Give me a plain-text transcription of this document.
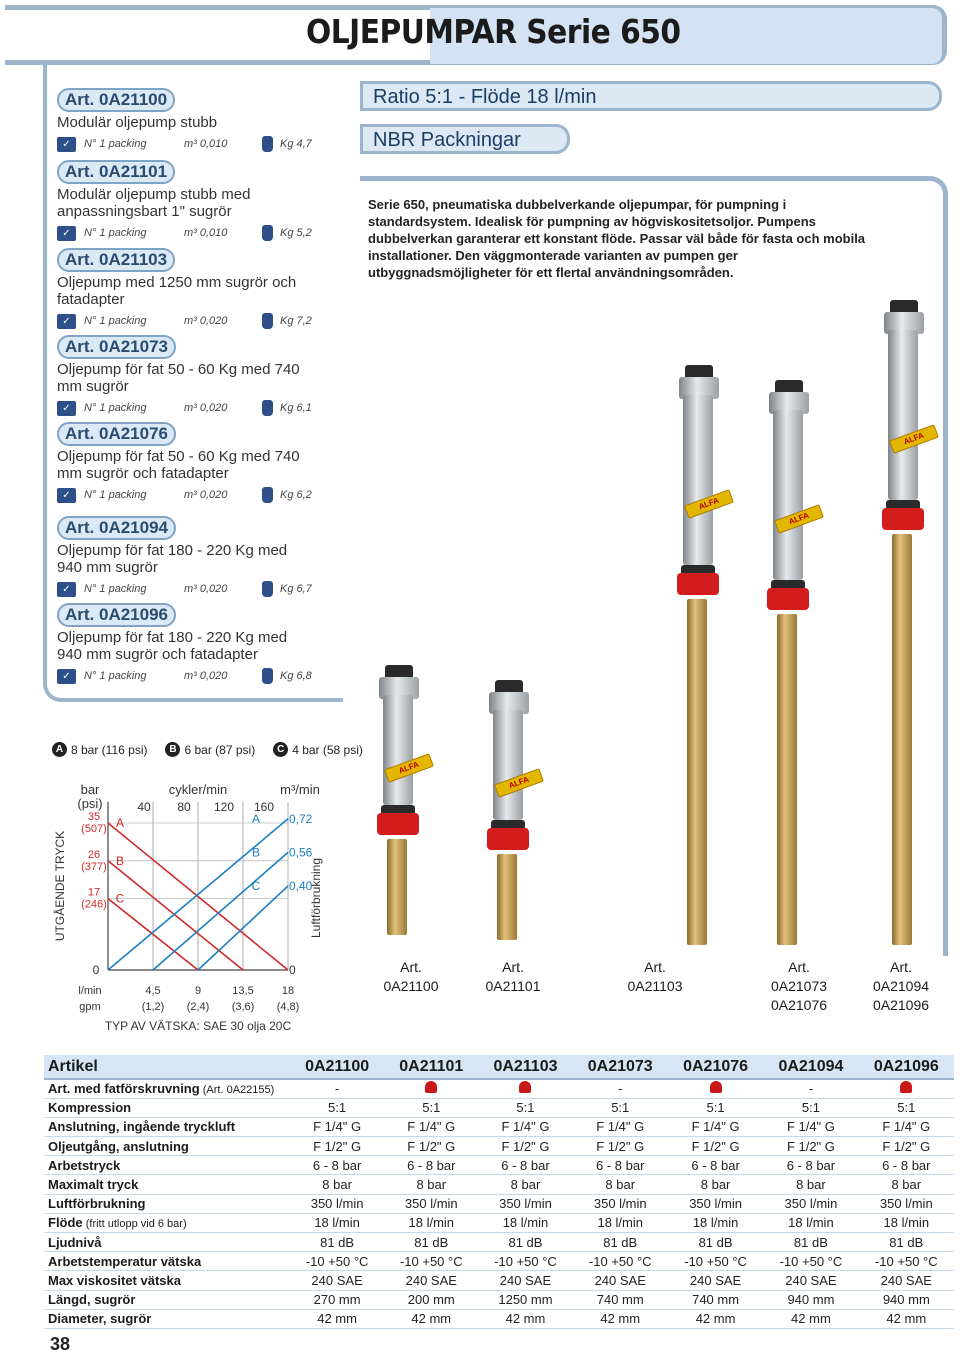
OLJEPUMPAR Serie 650
Art. 0A21100
Modulär oljepump stubb
✓	N° 1 packing	m³ 0,010	Kg 4,7
Art. 0A21101
Modulär oljepump stubb med anpassningsbart 1" sugrör
✓	N° 1 packing	m³ 0,010	Kg 5,2
Art. 0A21103
Oljepump med 1250 mm sugrör och fatadapter
✓	N° 1 packing	m³ 0,020	Kg 7,2
Art. 0A21073
Oljepump för fat 50 - 60 Kg med 740 mm sugrör
✓	N° 1 packing	m³ 0,020	Kg 6,1
Art. 0A21076
Oljepump för fat 50 - 60 Kg med 740 mm sugrör och fatadapter
✓	N° 1 packing	m³ 0,020	Kg 6,2
Art. 0A21094
Oljepump för fat 180 - 220 Kg med 940 mm sugrör
✓	N° 1 packing	m³ 0,020	Kg 6,7
Art. 0A21096
Oljepump för fat 180 - 220 Kg med 940 mm sugrör och fatadapter
✓	N° 1 packing	m³ 0,020	Kg 6,8
Ratio 5:1 - Flöde 18 l/min
NBR Packningar

Serie 650, pneumatiska dubbelverkande oljepumpar, för pumpning i standardsystem. Idealisk för pumpning av högviskositetsoljor. Pumpens dubbelverkan garanterar ett konstant flöde. Passar väl både för fasta och mobila installationer. Den väggmonterade varianten av pumpen ger utbyggnadsmöjligheter för ett flertal användningsområden.

ALFA
ALFA
ALFA
ALFA
ALFA
Art.
0A21100
Art.
0A21101
Art.
0A21103
Art.
0A21073
0A21076
Art.
0A21094
0A21096
A 8 bar (116 psi)	B 6 bar (87 psi)	C 4 bar (58 psi)
cykler/min
40 80 120 160
bar
(psi)
m³/min
35
(507) A
26
(377) B
17
(246) C
0
0,72
A
0,56
B
0,40
C
0
l/min
gpm
4,5	9	13,5	18
(1,2) (2,4) (3,6) (4,8)
UTGÅENDE TRYCK	Luftförbrukning
TYP AV VÄTSKA: SAE 30 olja 20C
Artikel	0A21100	0A21101	0A21103	0A21073	0A21076	0A21094	0A21096
Art. med fatförskruvning (Art. 0A22155)	-			-		-	
Kompression	5:1	5:1	5:1	5:1	5:1	5:1	5:1
Anslutning, ingående tryckluft	F 1/4" G	F 1/4" G	F 1/4" G	F 1/4" G	F 1/4" G	F 1/4" G	F 1/4" G
Oljeutgång, anslutning	F 1/2" G	F 1/2" G	F 1/2" G	F 1/2" G	F 1/2" G	F 1/2" G	F 1/2" G
Arbetstryck	6 - 8 bar	6 - 8 bar	6 - 8 bar	6 - 8 bar	6 - 8 bar	6 - 8 bar	6 - 8 bar
Maximalt tryck	8 bar	8 bar	8 bar	8 bar	8 bar	8 bar	8 bar
Luftförbrukning	350 l/min	350 l/min	350 l/min	350 l/min	350 l/min	350 l/min	350 l/min
Flöde (fritt utlopp vid 6 bar)	18 l/min	18 l/min	18 l/min	18 l/min	18 l/min	18 l/min	18 l/min
Ljudnivå	81 dB	81 dB	81 dB	81 dB	81 dB	81 dB	81 dB
Arbetstemperatur vätska	-10 +50 °C	-10 +50 °C	-10 +50 °C	-10 +50 °C	-10 +50 °C	-10 +50 °C	-10 +50 °C
Max viskositet vätska	240 SAE	240 SAE	240 SAE	240 SAE	240 SAE	240 SAE	240 SAE
Längd, sugrör	270 mm	200 mm	1250 mm	740 mm	740 mm	940 mm	940 mm
Diameter, sugrör	42 mm	42 mm	42 mm	42 mm	42 mm	42 mm	42 mm
38
